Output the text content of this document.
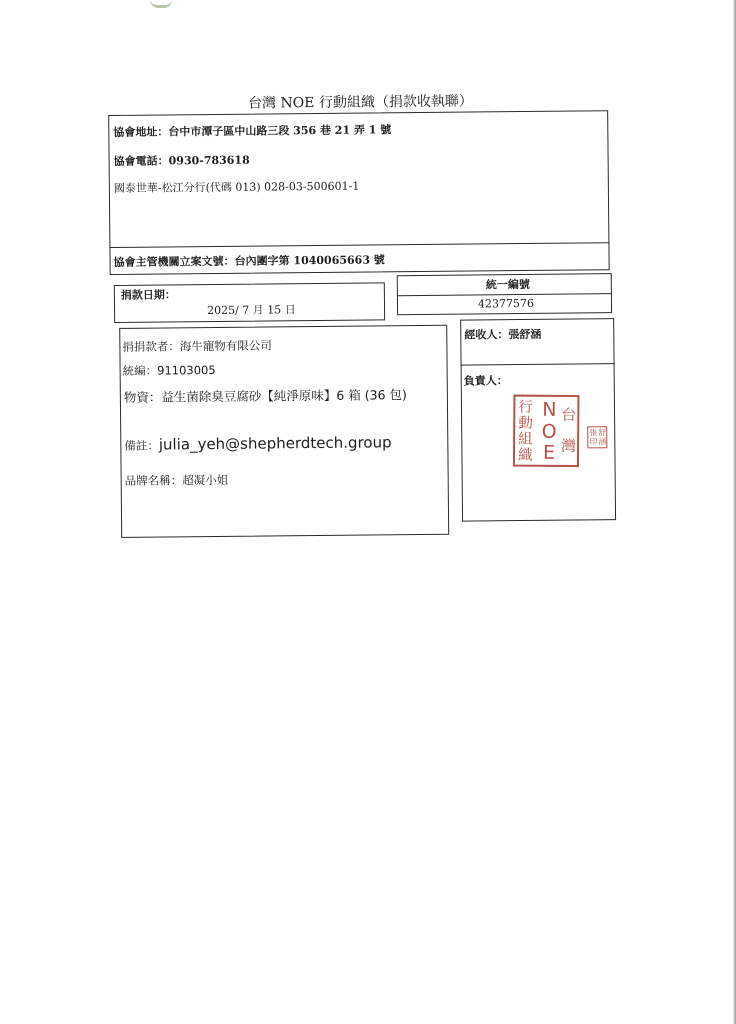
台灣 NOE 行動組織（捐款收執聯）
協會地址：台中市潭子區中山路三段 356 巷 21 弄 1 號
協會電話：0930-783618
國泰世華-松江分行(代碼 013) 028-03-500601-1
協會主管機關立案文號：台內團字第 1040065663 號
捐款日期：
2025/ 7 月 15 日
統一編號
42377576
捐捐款者：海牛寵物有限公司
統編：91103005
物資：益生菌除臭豆腐砂【純淨原味】6 箱 (36 包)
備註：julia_yeh@shepherdtech.group
品牌名稱：超凝小姐
經收人：張舒涵
負責人：
台灣
NOE
行動組織
舒涵
張印
